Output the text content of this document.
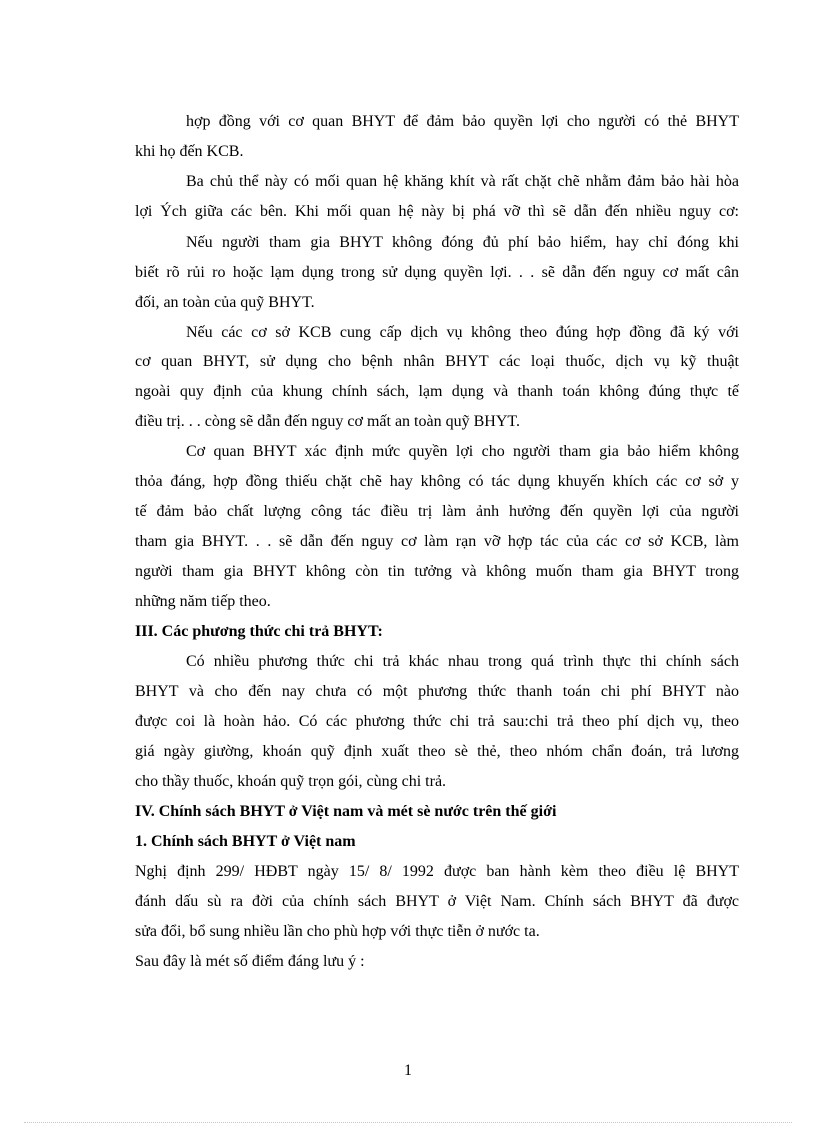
hợp đồng với cơ quan BHYT để đảm bảo quyền lợi cho người có thẻ BHYT
khi họ đến KCB.
Ba chủ thể này có mối quan hệ khăng khít và rất chặt chẽ nhằm đảm bảo hài hòa
lợi Ých giữa các bên. Khi mối quan hệ này bị phá vỡ thì sẽ dẫn đến nhiều nguy cơ:
Nếu người tham gia BHYT không đóng đủ phí bảo hiểm, hay chỉ đóng khi
biết rõ rủi ro hoặc lạm dụng trong sử dụng quyền lợi. . . sẽ dẫn đến nguy cơ mất cân
đối, an toàn của quỹ BHYT.
Nếu các cơ sở KCB cung cấp dịch vụ không theo đúng hợp đồng đã ký với
cơ quan BHYT, sử dụng cho bệnh nhân BHYT các loại thuốc, dịch vụ kỹ thuật
ngoài quy định của khung chính sách, lạm dụng và thanh toán không đúng thực tế
điều trị. . . còng sẽ dẫn đến nguy cơ mất an toàn quỹ BHYT.
Cơ quan BHYT xác định mức quyền lợi cho người tham gia bảo hiểm không
thỏa đáng, hợp đồng thiếu chặt chẽ hay không có tác dụng khuyến khích các cơ sở y
tế đảm bảo chất lượng công tác điều trị làm ảnh hưởng đến quyền lợi của người
tham gia BHYT. . . sẽ dẫn đến nguy cơ làm rạn vỡ hợp tác của các cơ sở KCB, làm
người tham gia BHYT không còn tin tưởng và không muốn tham gia BHYT trong
những năm tiếp theo.
III. Các phương thức chi trả BHYT:
Có nhiều phương thức chi trả khác nhau trong quá trình thực thi chính sách
BHYT và cho đến nay chưa có một phương thức thanh toán chi phí BHYT nào
được coi là hoàn hảo. Có các phương thức chi trả sau:chi trả theo phí dịch vụ, theo
giá ngày giường, khoán quỹ định xuất theo sè thẻ, theo nhóm chẩn đoán, trả lương
cho thầy thuốc, khoán quỹ trọn gói, cùng chi trả.
IV. Chính sách BHYT ở Việt nam và mét sè nước trên thế giới
1. Chính sách BHYT ở Việt nam
Nghị định 299/ HĐBT ngày 15/ 8/ 1992 được ban hành kèm theo điều lệ BHYT
đánh dấu sù ra đời của chính sách BHYT ở Việt Nam. Chính sách BHYT đã được
sửa đổi, bổ sung nhiều lần cho phù hợp với thực tiễn ở nước ta.
Sau đây là mét số điểm đáng lưu ý :
1
